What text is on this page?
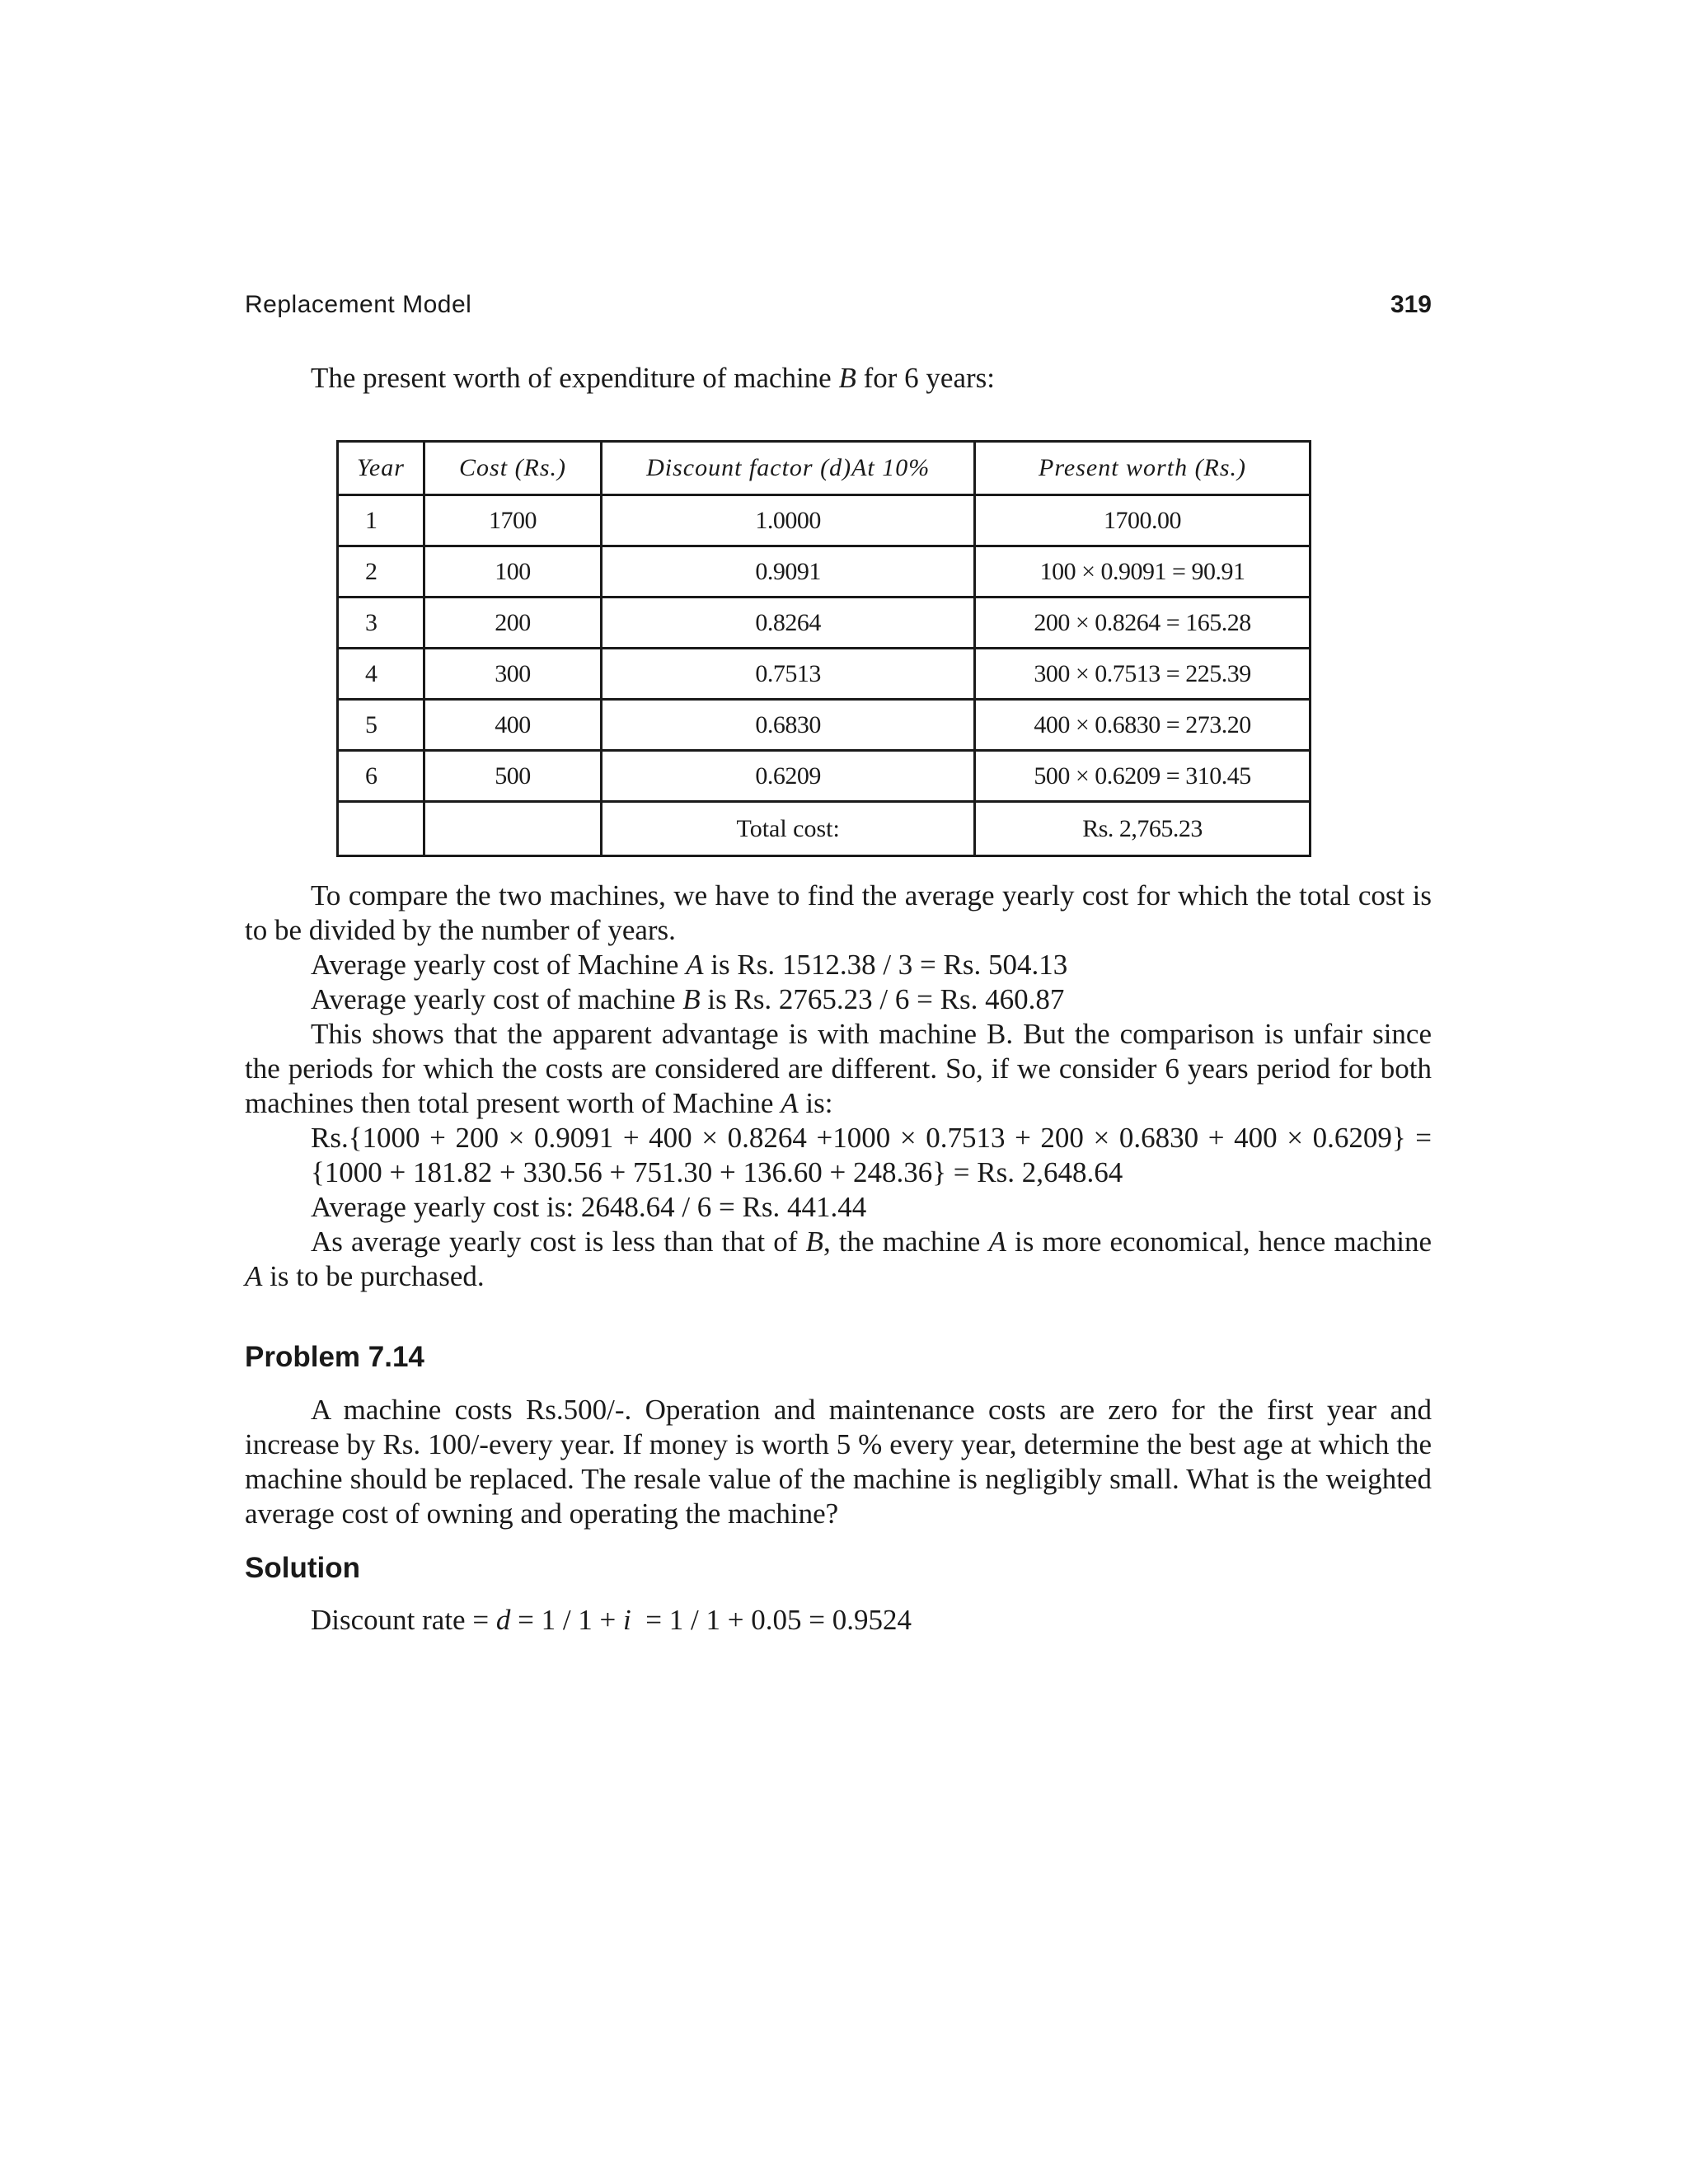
Replacement Model	319

The present worth of expenditure of machine B for 6 years:

Year	Cost (Rs.)	Discount factor (d)At 10%	Present worth (Rs.)
1	1700	1.0000	1700.00
2	100	0.9091	100 × 0.9091 = 90.91
3	200	0.8264	200 × 0.8264 = 165.28
4	300	0.7513	300 × 0.7513 = 225.39
5	400	0.6830	400 × 0.6830 = 273.20
6	500	0.6209	500 × 0.6209 = 310.45
		Total cost:	Rs. 2,765.23

To compare the two machines, we have to find the average yearly cost for which the total cost is to be divided by the number of years.

Average yearly cost of Machine A is Rs. 1512.38 / 3 = Rs. 504.13

Average yearly cost of machine B is Rs. 2765.23 / 6 = Rs. 460.87

This shows that the apparent advantage is with machine B. But the comparison is unfair since the periods for which the costs are considered are different. So, if we consider 6 years period for both machines then total present worth of Machine A is:

Rs.{1000 + 200 × 0.9091 + 400 × 0.8264 +1000 × 0.7513 + 200 × 0.6830 + 400 × 0.6209} =

{1000 + 181.82 + 330.56 + 751.30 + 136.60 + 248.36} = Rs. 2,648.64

Average yearly cost is: 2648.64 / 6 = Rs. 441.44

As average yearly cost is less than that of B, the machine A is more economical, hence machine A is to be purchased.

Problem 7.14

A machine costs Rs.500/-. Operation and maintenance costs are zero for the first year and increase by Rs. 100/-every year. If money is worth 5 % every year, determine the best age at which the machine should be replaced. The resale value of the machine is negligibly small. What is the weighted average cost of owning and operating the machine?

Solution

Discount rate = d = 1 / 1 + i  = 1 / 1 + 0.05 = 0.9524
